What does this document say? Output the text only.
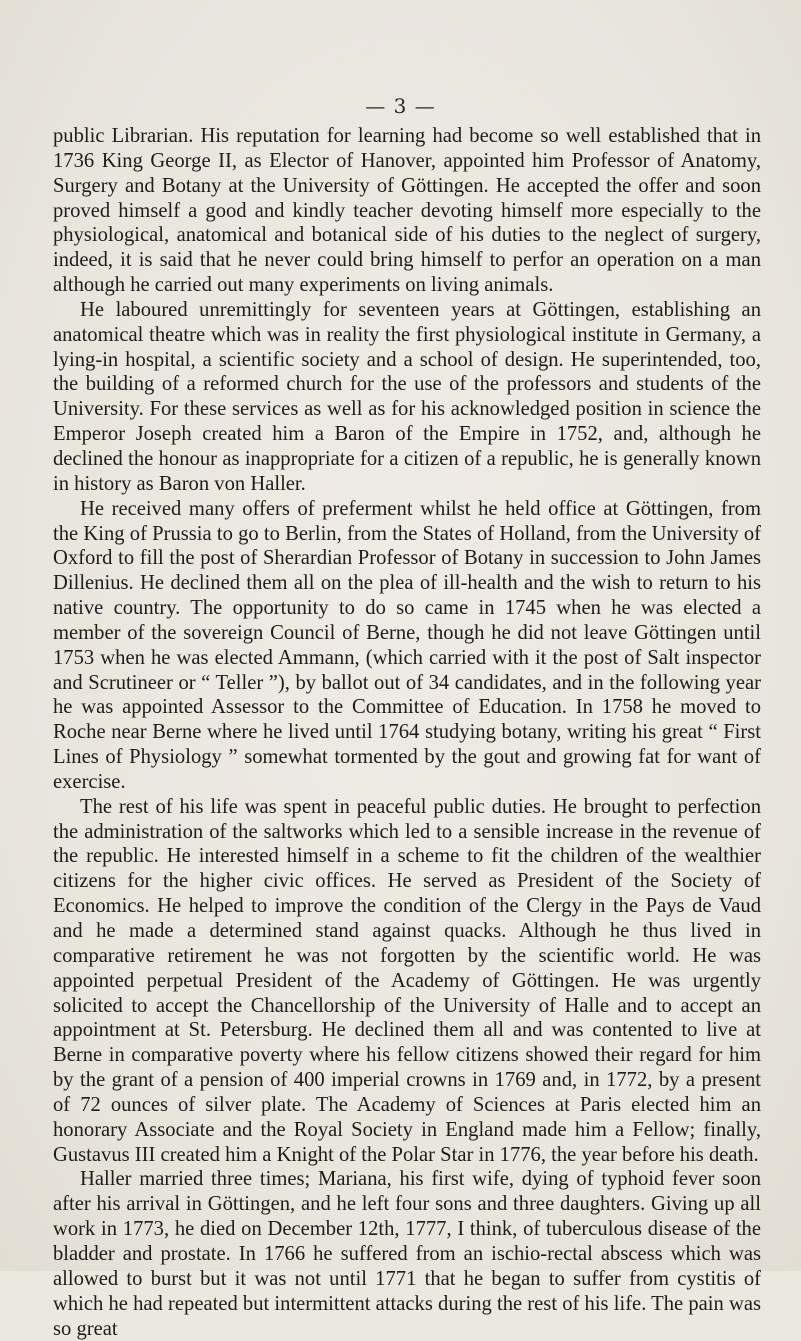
— 3 —

public Librarian. His reputation for learning had become so well established that in 1736 King George II, as Elector of Hanover, appointed him Professor of Anatomy, Surgery and Botany at the University of Göttingen. He accepted the offer and soon proved himself a good and kindly teacher devoting himself more especially to the physiological, anatomical and botanical side of his duties to the neglect of surgery, indeed, it is said that he never could bring himself to perfor an operation on a man although he carried out many experiments on living animals.

He laboured unremittingly for seventeen years at Göttingen, establishing an anatomical theatre which was in reality the first physiological institute in Germany, a lying-in hospital, a scientific society and a school of design. He superintended, too, the building of a reformed church for the use of the professors and students of the University. For these services as well as for his acknowledged position in science the Emperor Joseph created him a Baron of the Empire in 1752, and, although he declined the honour as inappropriate for a citizen of a republic, he is generally known in history as Baron von Haller.

He received many offers of preferment whilst he held office at Göttingen, from the King of Prussia to go to Berlin, from the States of Holland, from the University of Oxford to fill the post of Sherardian Professor of Botany in succession to John James Dillenius. He declined them all on the plea of ill-health and the wish to return to his native country. The opportunity to do so came in 1745 when he was elected a member of the sovereign Council of Berne, though he did not leave Göttingen until 1753 when he was elected Ammann, (which carried with it the post of Salt inspector and Scrutineer or “ Teller ”), by ballot out of 34 candidates, and in the following year he was appointed Assessor to the Committee of Education. In 1758 he moved to Roche near Berne where he lived until 1764 studying botany, writing his great “ First Lines of Physiology ” somewhat tormented by the gout and growing fat for want of exercise.

The rest of his life was spent in peaceful public duties. He brought to perfection the administration of the saltworks which led to a sensible increase in the revenue of the republic. He interested himself in a scheme to fit the children of the wealthier citizens for the higher civic offices. He served as President of the Society of Economics. He helped to improve the condition of the Clergy in the Pays de Vaud and he made a determined stand against quacks. Although he thus lived in comparative retirement he was not forgotten by the scientific world. He was appointed perpetual President of the Academy of Göttingen. He was urgently solicited to accept the Chancellorship of the University of Halle and to accept an appointment at St. Petersburg. He declined them all and was contented to live at Berne in comparative poverty where his fellow citizens showed their regard for him by the grant of a pension of 400 imperial crowns in 1769 and, in 1772, by a present of 72 ounces of silver plate. The Academy of Sciences at Paris elected him an honorary Associate and the Royal Society in England made him a Fellow; finally, Gustavus III created him a Knight of the Polar Star in 1776, the year before his death.

Haller married three times; Mariana, his first wife, dying of typhoid fever soon after his arrival in Göttingen, and he left four sons and three daughters. Giving up all work in 1773, he died on December 12th, 1777, I think, of tuberculous disease of the bladder and prostate. In 1766 he suffered from an ischio-rectal abscess which was allowed to burst but it was not until 1771 that he began to suffer from cystitis of which he had repeated but intermittent attacks during the rest of his life. The pain was so great
